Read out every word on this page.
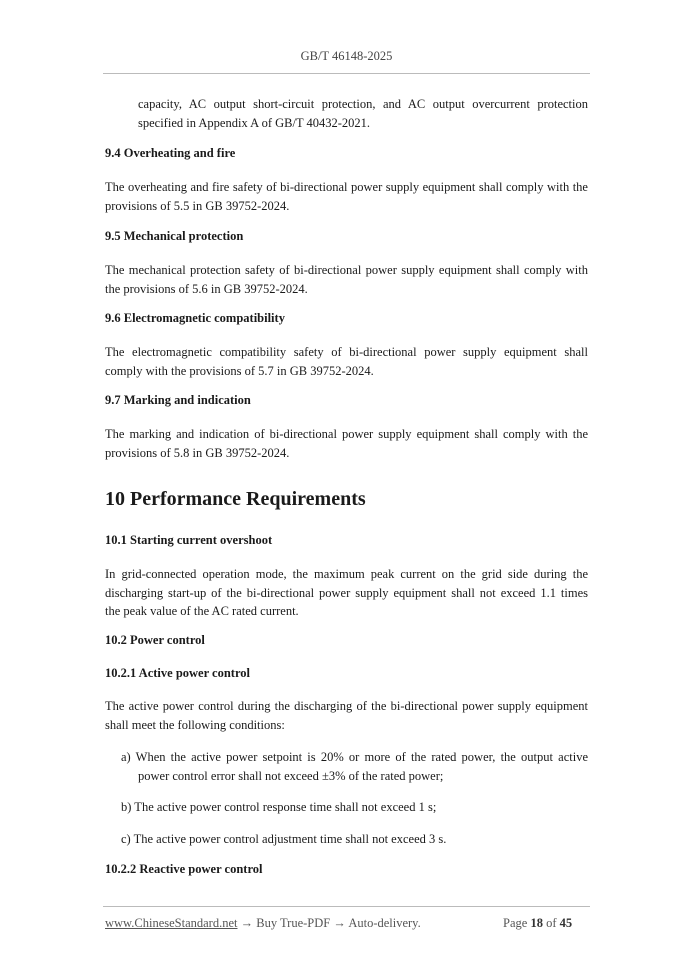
GB/T 46148-2025
capacity, AC output short-circuit protection, and AC output overcurrent protection
specified in Appendix A of GB/T 40432-2021.
9.4 Overheating and fire
The overheating and fire safety of bi-directional power supply equipment shall comply with the
provisions of 5.5 in GB 39752-2024.
9.5 Mechanical protection
The mechanical protection safety of bi-directional power supply equipment shall comply with
the provisions of 5.6 in GB 39752-2024.
9.6 Electromagnetic compatibility
The electromagnetic compatibility safety of bi-directional power supply equipment shall
comply with the provisions of 5.7 in GB 39752-2024.
9.7 Marking and indication
The marking and indication of bi-directional power supply equipment shall comply with the
provisions of 5.8 in GB 39752-2024.
10 Performance Requirements
10.1 Starting current overshoot
In grid-connected operation mode, the maximum peak current on the grid side during the
discharging start-up of the bi-directional power supply equipment shall not exceed 1.1 times
the peak value of the AC rated current.
10.2 Power control
10.2.1 Active power control
The active power control during the discharging of the bi-directional power supply equipment
shall meet the following conditions:
a) When the active power setpoint is 20% or more of the rated power, the output active
power control error shall not exceed ±3% of the rated power;
b) The active power control response time shall not exceed 1 s;
c) The active power control adjustment time shall not exceed 3 s.
10.2.2 Reactive power control
www.ChineseStandard.net → Buy True-PDF → Auto-delivery.	Page 18 of 45
